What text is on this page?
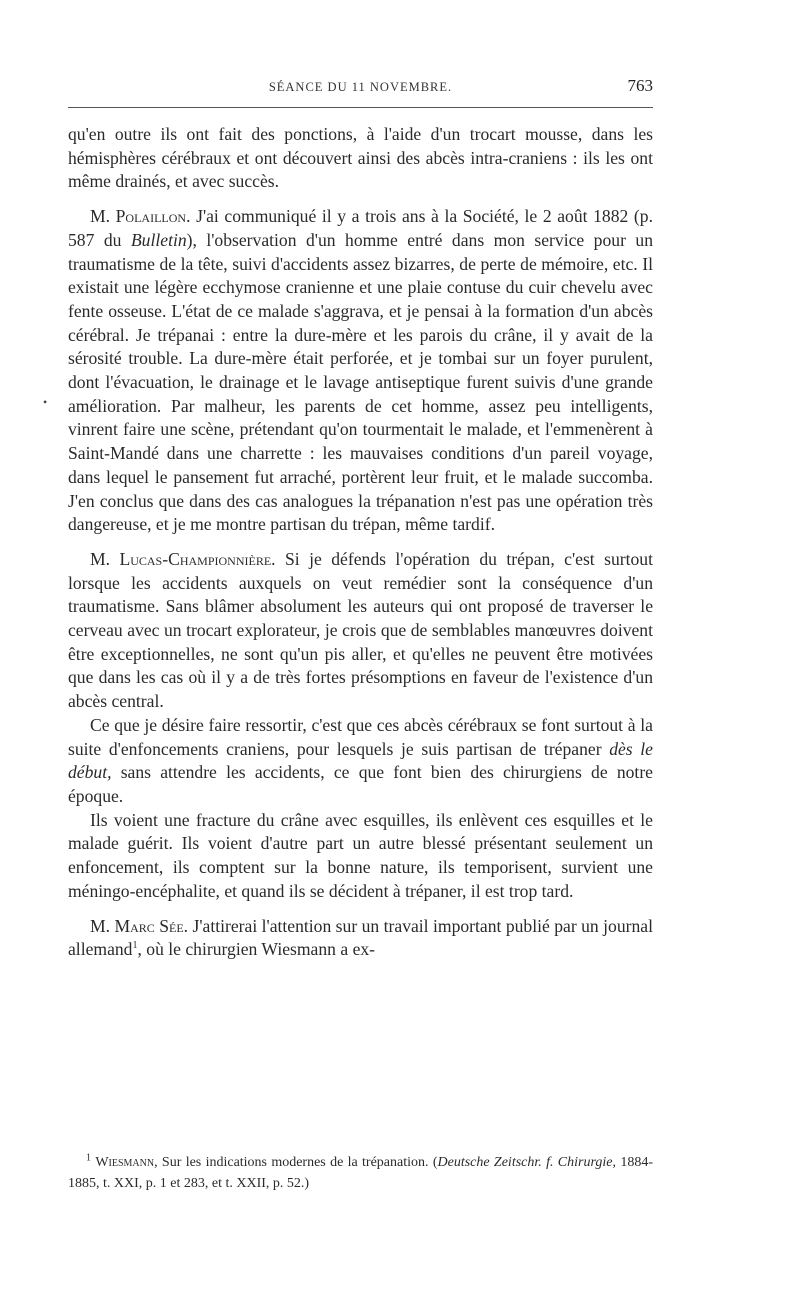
SÉANCE DU 11 NOVEMBRE.	763
•

qu'en outre ils ont fait des ponctions, à l'aide d'un trocart mousse, dans les hémisphères cérébraux et ont découvert ainsi des abcès intra-craniens : ils les ont même drainés, et avec succès.

M. Polaillon. J'ai communiqué il y a trois ans à la Société, le 2 août 1882 (p. 587 du Bulletin), l'observation d'un homme entré dans mon service pour un traumatisme de la tête, suivi d'accidents assez bizarres, de perte de mémoire, etc. Il existait une légère ecchymose cranienne et une plaie contuse du cuir chevelu avec fente osseuse. L'état de ce malade s'aggrava, et je pensai à la formation d'un abcès cérébral. Je trépanai : entre la dure-mère et les parois du crâne, il y avait de la sérosité trouble. La dure-mère était perforée, et je tombai sur un foyer purulent, dont l'évacuation, le drainage et le lavage antiseptique furent suivis d'une grande amélioration. Par malheur, les parents de cet homme, assez peu intelligents, vinrent faire une scène, prétendant qu'on tourmentait le malade, et l'emmenèrent à Saint-Mandé dans une charrette : les mauvaises conditions d'un pareil voyage, dans lequel le pansement fut arraché, portèrent leur fruit, et le malade succomba. J'en conclus que dans des cas analogues la trépanation n'est pas une opération très dangereuse, et je me montre partisan du trépan, même tardif.

M. Lucas-Championnière. Si je défends l'opération du trépan, c'est surtout lorsque les accidents auxquels on veut remédier sont la conséquence d'un traumatisme. Sans blâmer absolument les auteurs qui ont proposé de traverser le cerveau avec un trocart explorateur, je crois que de semblables manœuvres doivent être exceptionnelles, ne sont qu'un pis aller, et qu'elles ne peuvent être motivées que dans les cas où il y a de très fortes présomptions en faveur de l'existence d'un abcès central.

Ce que je désire faire ressortir, c'est que ces abcès cérébraux se font surtout à la suite d'enfoncements craniens, pour lesquels je suis partisan de trépaner dès le début, sans attendre les accidents, ce que font bien des chirurgiens de notre époque.

Ils voient une fracture du crâne avec esquilles, ils enlèvent ces esquilles et le malade guérit. Ils voient d'autre part un autre blessé présentant seulement un enfoncement, ils comptent sur la bonne nature, ils temporisent, survient une méningo-encéphalite, et quand ils se décident à trépaner, il est trop tard.

M. Marc Sée. J'attirerai l'attention sur un travail important publié par un journal allemand$^1$, où le chirurgien Wiesmann a ex-

$^1$ Wiesmann, Sur les indications modernes de la trépanation. (Deutsche Zeitschr. f. Chirurgie, 1884-1885, t. XXI, p. 1 et 283, et t. XXII, p. 52.)
